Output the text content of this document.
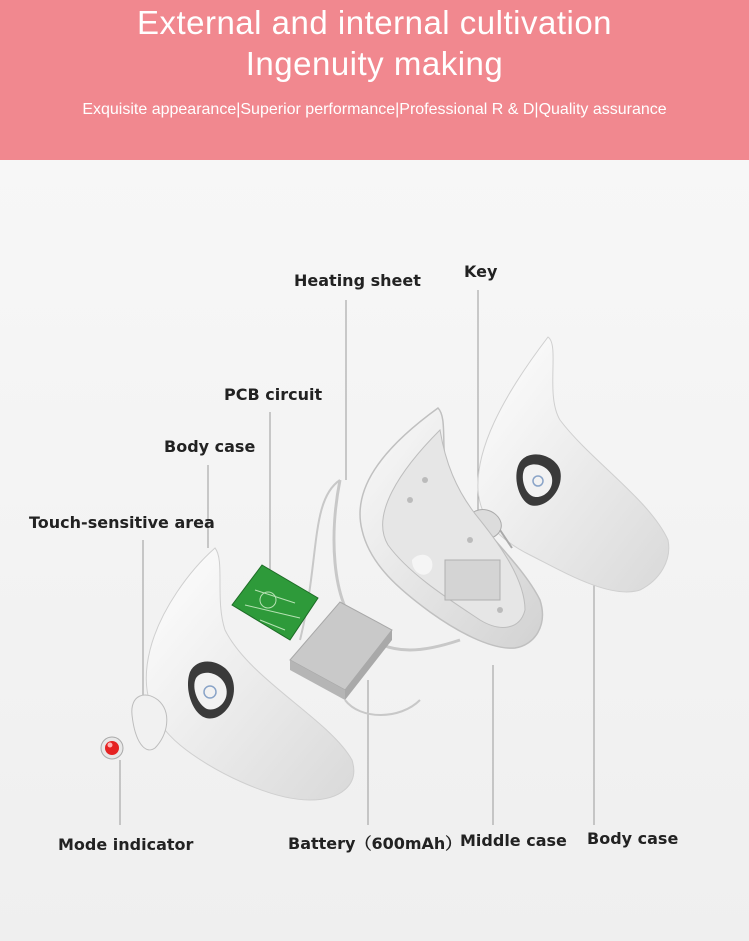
External and internal cultivation
Ingenuity making
Exquisite appearance|Superior performance|Professional R & D|Quality assurance
Heating sheet	Key
PCB circuit
Body case
Touch-sensitive area
Mode indicator	Battery（600mAh）
Middle case Body case
